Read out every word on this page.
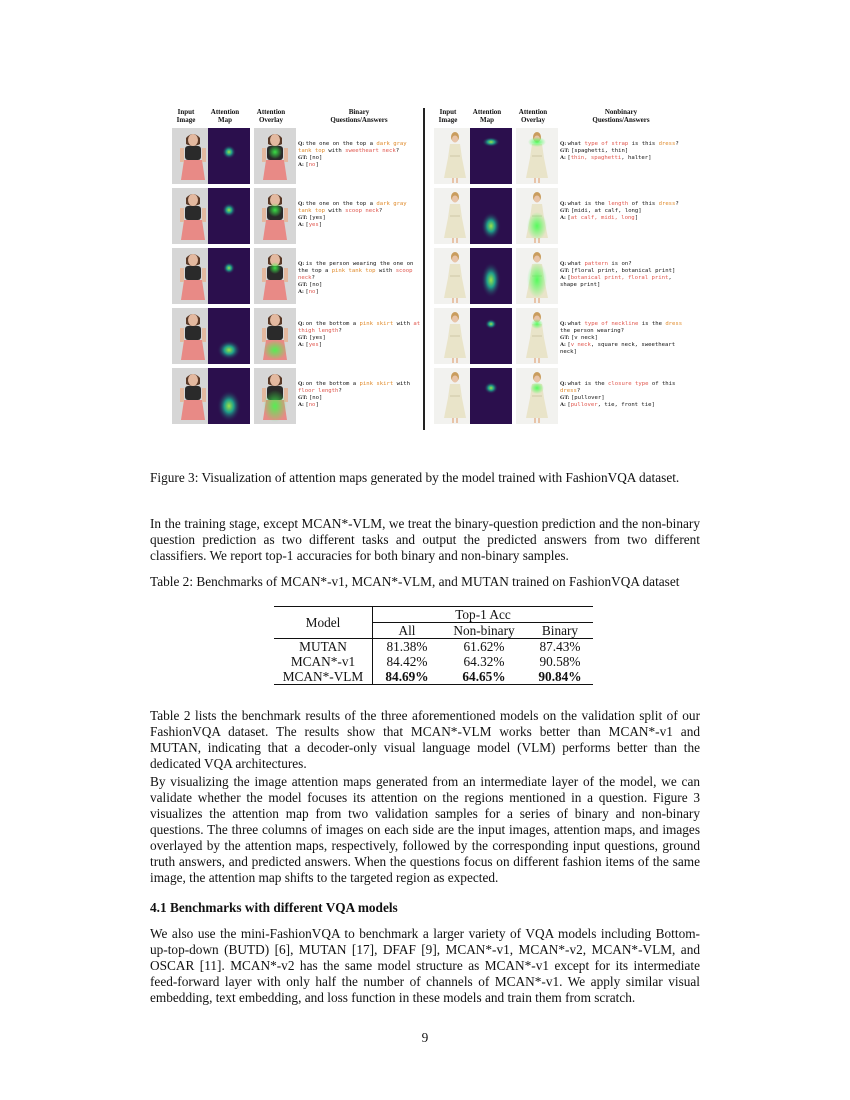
Input
Image
Attention
Map
Attention
Overlay
Binary
Questions/Answers
Q: the one on the top a dark gray tank top with sweetheart neck?
GT: [no]
A: [no]
Q: the one on the top a dark gray tank top with scoop neck?
GT: [yes]
A: [yes]
Q: is the person wearing the one on the top a pink tank top with scoop neck?
GT: [no]
A: [no]
Q: on the bottom a pink skirt with at thigh length?
GT: [yes]
A: [yes]
Q: on the bottom a pink skirt with floor length?
GT: [no]
A: [no]
Input
Image
Attention
Map
Attention
Overlay
Nonbinary
Questions/Answers
Q: what type of strap is this dress?
GT: [spaghetti, thin]
A: [thin, spaghetti, halter]
Q: what is the length of this dress?
GT: [midi, at calf, long]
A: [at calf, midi, long]
Q: what pattern is on?
GT: [floral print, botanical print]
A: [botanical print, floral print, shape print]
Q: what type of neckline is the dress the person wearing?
GT: [v neck]
A: [v neck, square neck, sweetheart neck]
Q: what is the closure type of this dress?
GT: [pullover]
A: [pullover, tie, front tie]
Figure 3: Visualization of attention maps generated by the model trained with FashionVQA dataset.
In the training stage, except MCAN*-VLM, we treat the binary-question prediction and the non-binary question prediction as two different tasks and output the predicted answers from two different classifiers. We report top-1 accuracies for both binary and non-binary samples.
Table 2: Benchmarks of MCAN*-v1, MCAN*-VLM, and MUTAN trained on FashionVQA dataset
Model	Top-1 Acc		
	All	Non-binary	Binary
MUTAN	81.38%	61.62%	87.43%
MCAN*-v1	84.42%	64.32%	90.58%
MCAN*-VLM	84.69%	64.65%	90.84%
Table 2 lists the benchmark results of the three aforementioned models on the validation split of our FashionVQA dataset. The results show that MCAN*-VLM works better than MCAN*-v1 and MUTAN, indicating that a decoder-only visual language model (VLM) performs better than the dedicated VQA architectures.
By visualizing the image attention maps generated from an intermediate layer of the model, we can validate whether the model focuses its attention on the regions mentioned in a question. Figure 3 visualizes the attention map from two validation samples for a series of binary and non-binary questions. The three columns of images on each side are the input images, attention maps, and images overlayed by the attention maps, respectively, followed by the corresponding input questions, ground truth answers, and predicted answers. When the questions focus on different fashion items of the same image, the attention map shifts to the targeted region as expected.
4.1 Benchmarks with different VQA models
We also use the mini-FashionVQA to benchmark a larger variety of VQA models including Bottom-up-top-down (BUTD) [6], MUTAN [17], DFAF [9], MCAN*-v1, MCAN*-v2, MCAN*-VLM, and OSCAR [11]. MCAN*-v2 has the same model structure as MCAN*-v1 except for its intermediate feed-forward layer with only half the number of channels of MCAN*-v1. We apply similar visual embedding, text embedding, and loss function in these models and train them from scratch.
9
